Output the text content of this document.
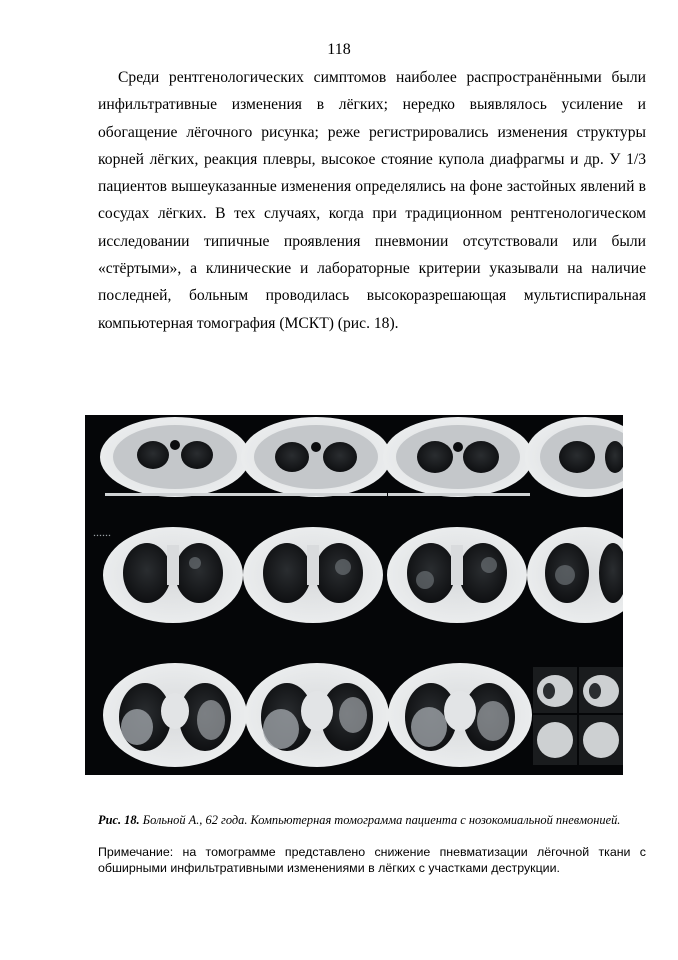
118

Среди рентгенологических симптомов наиболее распространёнными были инфильтративные изменения в лёгких; нередко выявлялось усиление и обогащение лёгочного рисунка; реже регистрировались изменения структуры корней лёгких, реакция плевры, высокое стояние купола диафрагмы и др. У 1/3 пациентов вышеуказанные изменения определялись на фоне застойных явлений в сосудах лёгких. В тех случаях, когда при традиционном рентгенологическом исследовании типичные проявления пневмонии отсутствовали или были «стёртыми», а клинические и лабораторные критерии указывали на наличие последней, больным проводилась высокоразрешающая мультиспиральная компьютерная томография (МСКТ) (рис. 18).

▪▪▪▪▪▪

Рис. 18. Больной А., 62 года. Компьютерная томограмма пациента с нозокомиальной пневмонией.

Примечание: на томограмме представлено снижение пневматизации лёгочной ткани с обширными инфильтративными изменениями в лёгких с участками деструкции.
